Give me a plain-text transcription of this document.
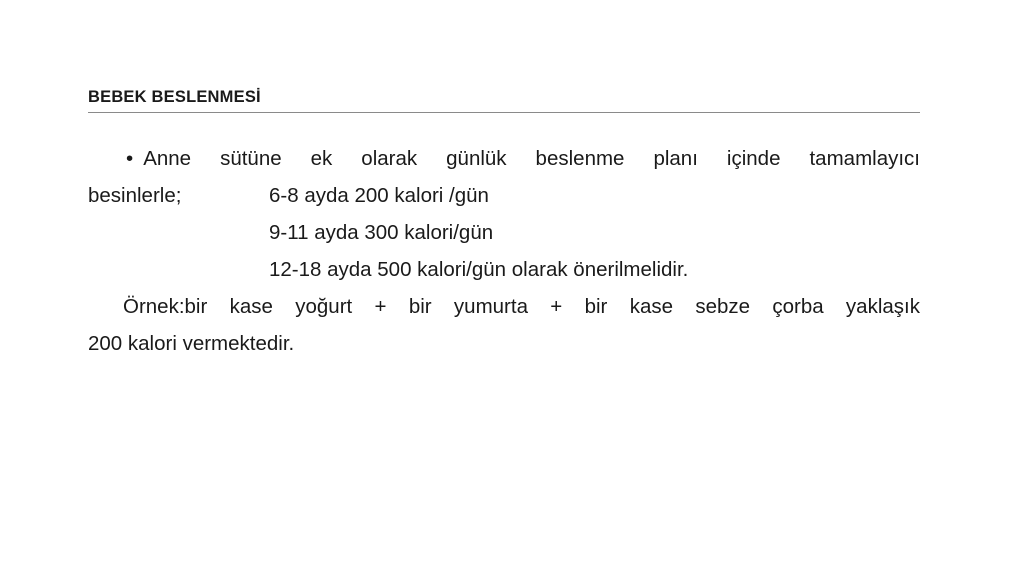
BEBEK BESLENMESİ
• Anne sütüne ek olarak günlük beslenme planı içinde tamamlayıcı
besinlerle;	6-8 ayda 200 kalori /gün
9-11 ayda 300 kalori/gün
12-18 ayda 500 kalori/gün olarak önerilmelidir.
Örnek:bir kase yoğurt + bir yumurta + bir kase sebze çorba yaklaşık
200 kalori vermektedir.
